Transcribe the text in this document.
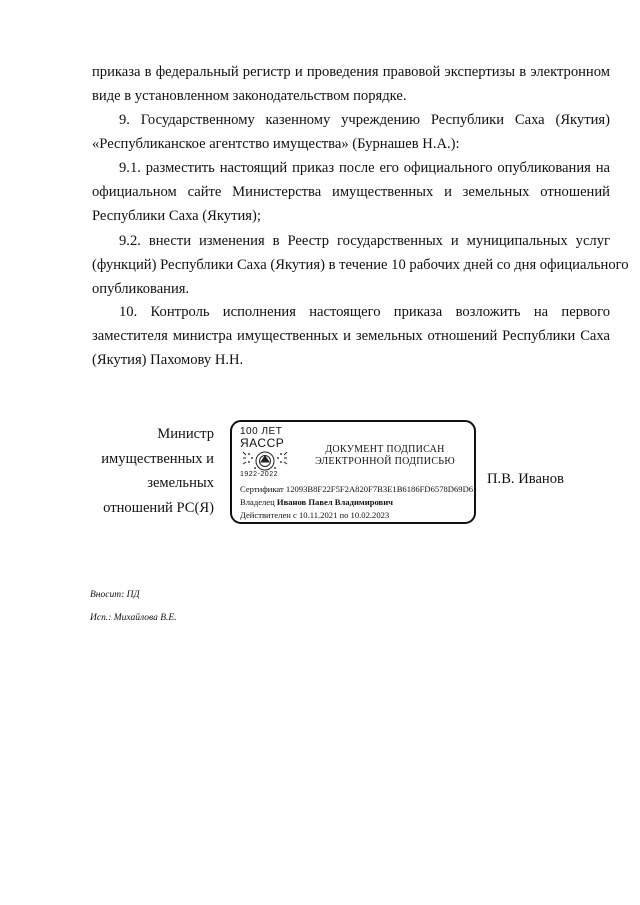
приказа в федеральный регистр и проведения правовой экспертизы в электронном
виде в установленном законодательством порядке.

9. Государственному казенному учреждению Республики Саха (Якутия)
«Республиканское агентство имущества» (Бурнашев Н.А.):

9.1. разместить настоящий приказ после его официального опубликования на
официальном сайте Министерства имущественных и земельных отношений
Республики Саха (Якутия);

9.2. внести изменения в Реестр государственных и муниципальных услуг
(функций) Республики Саха (Якутия) в течение 10 рабочих дней со дня официального
опубликования.

10. Контроль исполнения настоящего приказа возложить на первого
заместителя министра имущественных и земельных отношений Республики Саха
(Якутия) Пахомову Н.Н.

Министр
имущественных и
земельных
отношений РС(Я)
100 ЛЕТ
ЯАССР
1922-2022
ДОКУМЕНТ ПОДПИСАН
ЭЛЕКТРОННОЙ ПОДПИСЬЮ
Сертификат 12093B8F22F5F2A820F7B3E1B6186FD6578D69D6
Владелец Иванов Павел Владимирович
Действителен с 10.11.2021 по 10.02.2023
П.В. Иванов
Вносит: ПД
Исп.: Михайлова В.Е.
